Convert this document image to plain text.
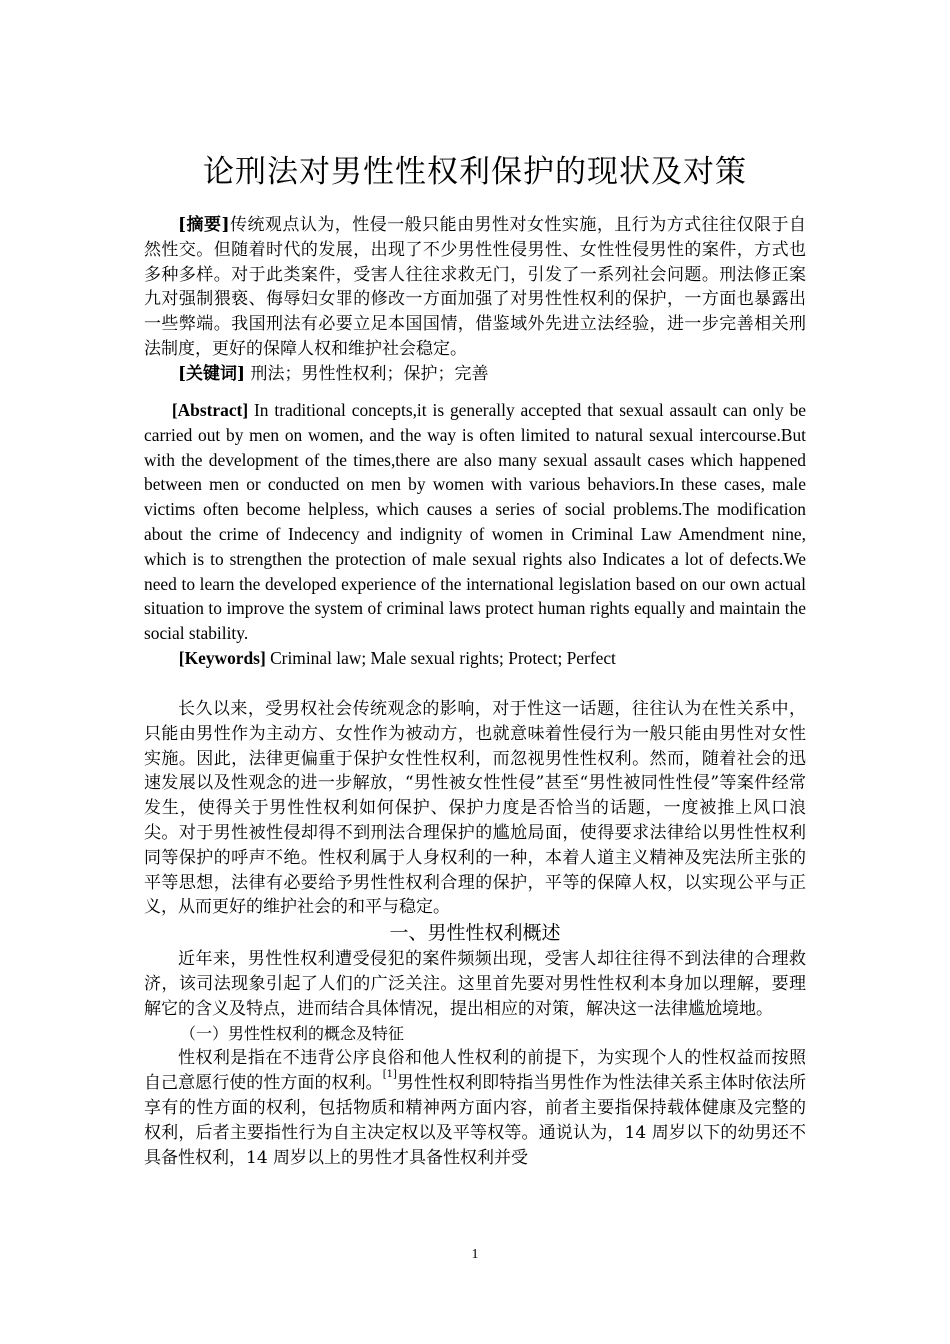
论刑法对男性性权利保护的现状及对策

[摘要]传统观点认为，性侵一般只能由男性对女性实施，且行为方式往往仅限于自然性交。但随着时代的发展，出现了不少男性性侵男性、女性性侵男性的案件，方式也多种多样。对于此类案件，受害人往往求救无门，引发了一系列社会问题。刑法修正案九对强制猥亵、侮辱妇女罪的修改一方面加强了对男性性权利的保护，一方面也暴露出一些弊端。我国刑法有必要立足本国国情，借鉴域外先进立法经验，进一步完善相关刑法制度，更好的保障人权和维护社会稳定。

[关键词] 刑法；男性性权利；保护；完善

[Abstract] In traditional concepts,it is generally accepted that sexual assault can only be carried out by men on women, and the way is often limited to natural sexual intercourse.But with the development of the times,there are also many sexual assault cases which happened between men or conducted on men by women with various behaviors.In these cases, male victims often become helpless, which causes a series of social problems.The modification about the crime of Indecency and indignity of women in Criminal Law Amendment nine, which is to strengthen the protection of male sexual rights also Indicates a lot of defects.We need to learn the developed experience of the international legislation based on our own actual situation to improve the system of criminal laws protect human rights equally and maintain the social stability.

[Keywords] Criminal law; Male sexual rights; Protect; Perfect

长久以来，受男权社会传统观念的影响，对于性这一话题，往往认为在性关系中，只能由男性作为主动方、女性作为被动方，也就意味着性侵行为一般只能由男性对女性实施。因此，法律更偏重于保护女性性权利，而忽视男性性权利。然而，随着社会的迅速发展以及性观念的进一步解放，“男性被女性性侵”甚至“男性被同性性侵”等案件经常发生，使得关于男性性权利如何保护、保护力度是否恰当的话题，一度被推上风口浪尖。对于男性被性侵却得不到刑法合理保护的尴尬局面，使得要求法律给以男性性权利同等保护的呼声不绝。性权利属于人身权利的一种，本着人道主义精神及宪法所主张的平等思想，法律有必要给予男性性权利合理的保护，平等的保障人权，以实现公平与正义，从而更好的维护社会的和平与稳定。

一、男性性权利概述

近年来，男性性权利遭受侵犯的案件频频出现，受害人却往往得不到法律的合理救济，该司法现象引起了人们的广泛关注。这里首先要对男性性权利本身加以理解，要理解它的含义及特点，进而结合具体情况，提出相应的对策，解决这一法律尴尬境地。

（一）男性性权利的概念及特征

性权利是指在不违背公序良俗和他人性权利的前提下，为实现个人的性权益而按照自己意愿行使的性方面的权利。[1]男性性权利即特指当男性作为性法律关系主体时依法所享有的性方面的权利，包括物质和精神两方面内容，前者主要指保持载体健康及完整的权利，后者主要指性行为自主决定权以及平等权等。通说认为，14 周岁以下的幼男还不具备性权利，14 周岁以上的男性才具备性权利并受

1
